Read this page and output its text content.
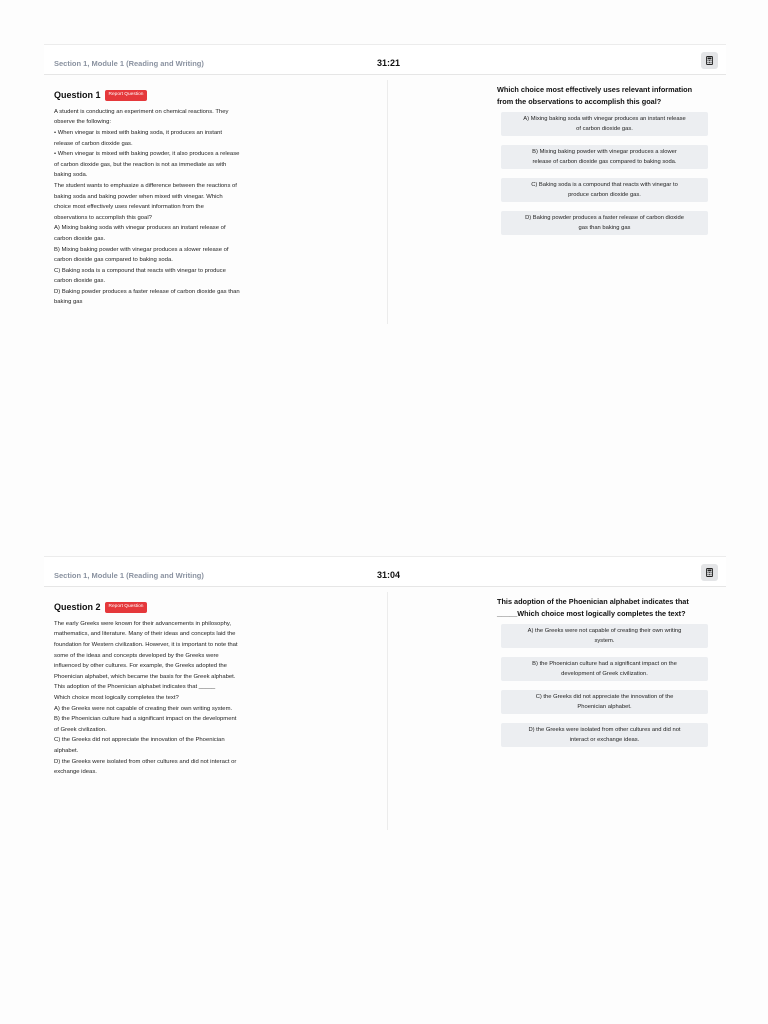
Section 1, Module 1 (Reading and Writing)	31:21
Question 1	Report Question
A student is conducting an experiment on chemical reactions. They
observe the following:
• When vinegar is mixed with baking soda, it produces an instant
release of carbon dioxide gas.
• When vinegar is mixed with baking powder, it also produces a release
of carbon dioxide gas, but the reaction is not as immediate as with
baking soda.
The student wants to emphasize a difference between the reactions of
baking soda and baking powder when mixed with vinegar. Which
choice most effectively uses relevant information from the
observations to accomplish this goal?
A) Mixing baking soda with vinegar produces an instant release of
carbon dioxide gas.
B) Mixing baking powder with vinegar produces a slower release of
carbon dioxide gas compared to baking soda.
C) Baking soda is a compound that reacts with vinegar to produce
carbon dioxide gas.
D) Baking powder produces a faster release of carbon dioxide gas than
baking gas
Which choice most effectively uses relevant information
from the observations to accomplish this goal?
A) Mixing baking soda with vinegar produces an instant release
of carbon dioxide gas.
B) Mixing baking powder with vinegar produces a slower
release of carbon dioxide gas compared to baking soda.
C) Baking soda is a compound that reacts with vinegar to
produce carbon dioxide gas.
D) Baking powder produces a faster release of carbon dioxide
gas than baking gas
Section 1, Module 1 (Reading and Writing)	31:04
Question 2	Report Question
The early Greeks were known for their advancements in philosophy,
mathematics, and literature. Many of their ideas and concepts laid the
foundation for Western civilization. However, it is important to note that
some of the ideas and concepts developed by the Greeks were
influenced by other cultures. For example, the Greeks adopted the
Phoenician alphabet, which became the basis for the Greek alphabet.
This adoption of the Phoenician alphabet indicates that _____
Which choice most logically completes the text?
A) the Greeks were not capable of creating their own writing system.
B) the Phoenician culture had a significant impact on the development
of Greek civilization.
C) the Greeks did not appreciate the innovation of the Phoenician
alphabet.
D) the Greeks were isolated from other cultures and did not interact or
exchange ideas.
This adoption of the Phoenician alphabet indicates that
_____Which choice most logically completes the text?
A) the Greeks were not capable of creating their own writing
system.
B) the Phoenician culture had a significant impact on the
development of Greek civilization.
C) the Greeks did not appreciate the innovation of the
Phoenician alphabet.
D) the Greeks were isolated from other cultures and did not
interact or exchange ideas.
